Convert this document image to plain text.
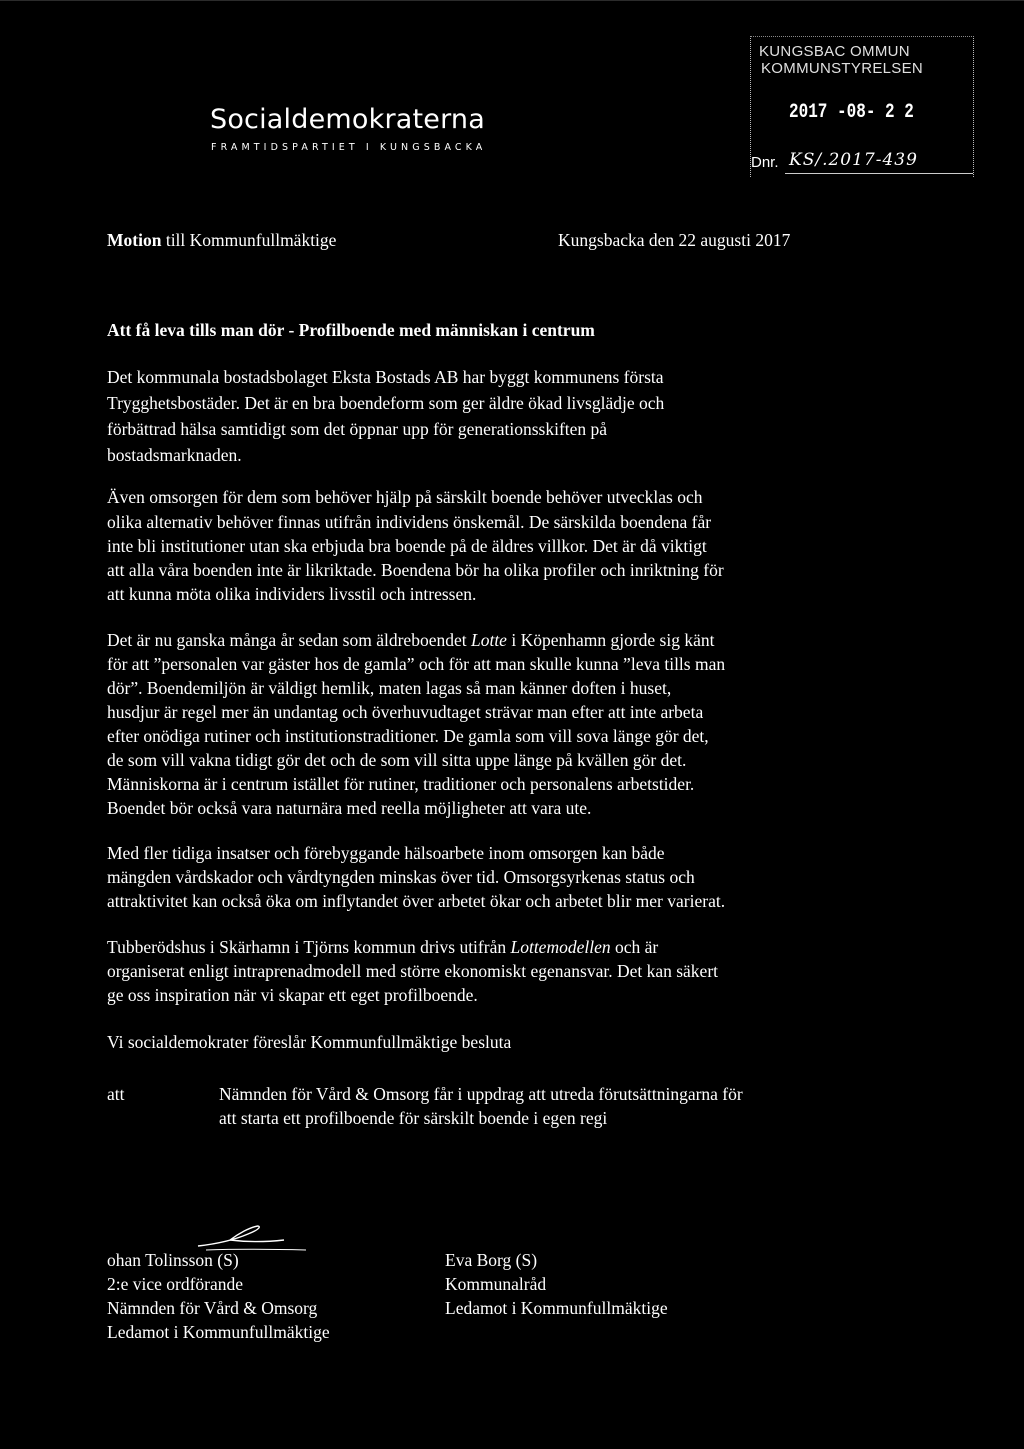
Socialdemokraterna
FRAMTIDSPARTIET I KUNGSBACKA
KUNGSBAC OMMUN
KOMMUNSTYRELSEN
2017 -08- 2 2
Dnr. KS/.2017-439
Motion till Kommunfullmäktige	Kungsbacka den 22 augusti 2017
Att få leva tills man dör - Profilboende med människan i centrum
Det kommunala bostadsbolaget Eksta Bostads AB har byggt kommunens första
Trygghetsbostäder. Det är en bra boendeform som ger äldre ökad livsglädje och
förbättrad hälsa samtidigt som det öppnar upp för generationsskiften på
bostadsmarknaden.
Även omsorgen för dem som behöver hjälp på särskilt boende behöver utvecklas och
olika alternativ behöver finnas utifrån individens önskemål. De särskilda boendena får
inte bli institutioner utan ska erbjuda bra boende på de äldres villkor. Det är då viktigt
att alla våra boenden inte är likriktade. Boendena bör ha olika profiler och inriktning för
att kunna möta olika individers livsstil och intressen.
Det är nu ganska många år sedan som äldreboendet Lotte i Köpenhamn gjorde sig känt
för att ”personalen var gäster hos de gamla” och för att man skulle kunna ”leva tills man
dör”. Boendemiljön är väldigt hemlik, maten lagas så man känner doften i huset,
husdjur är regel mer än undantag och överhuvudtaget strävar man efter att inte arbeta
efter onödiga rutiner och institutionstraditioner. De gamla som vill sova länge gör det,
de som vill vakna tidigt gör det och de som vill sitta uppe länge på kvällen gör det.
Människorna är i centrum istället för rutiner, traditioner och personalens arbetstider.
Boendet bör också vara naturnära med reella möjligheter att vara ute.
Med fler tidiga insatser och förebyggande hälsoarbete inom omsorgen kan både
mängden vårdskador och vårdtyngden minskas över tid. Omsorgsyrkenas status och
attraktivitet kan också öka om inflytandet över arbetet ökar och arbetet blir mer varierat.
Tubberödshus i Skärhamn i Tjörns kommun drivs utifrån Lottemodellen och är
organiserat enligt intraprenadmodell med större ekonomiskt egenansvar. Det kan säkert
ge oss inspiration när vi skapar ett eget profilboende.
Vi socialdemokrater föreslår Kommunfullmäktige besluta
att	Nämnden för Vård & Omsorg får i uppdrag att utreda förutsättningarna för
att starta ett profilboende för särskilt boende i egen regi
ohan Tolinsson (S)
2:e vice ordförande
Nämnden för Vård & Omsorg
Ledamot i Kommunfullmäktige
Eva Borg (S)
Kommunalråd
Ledamot i Kommunfullmäktige
